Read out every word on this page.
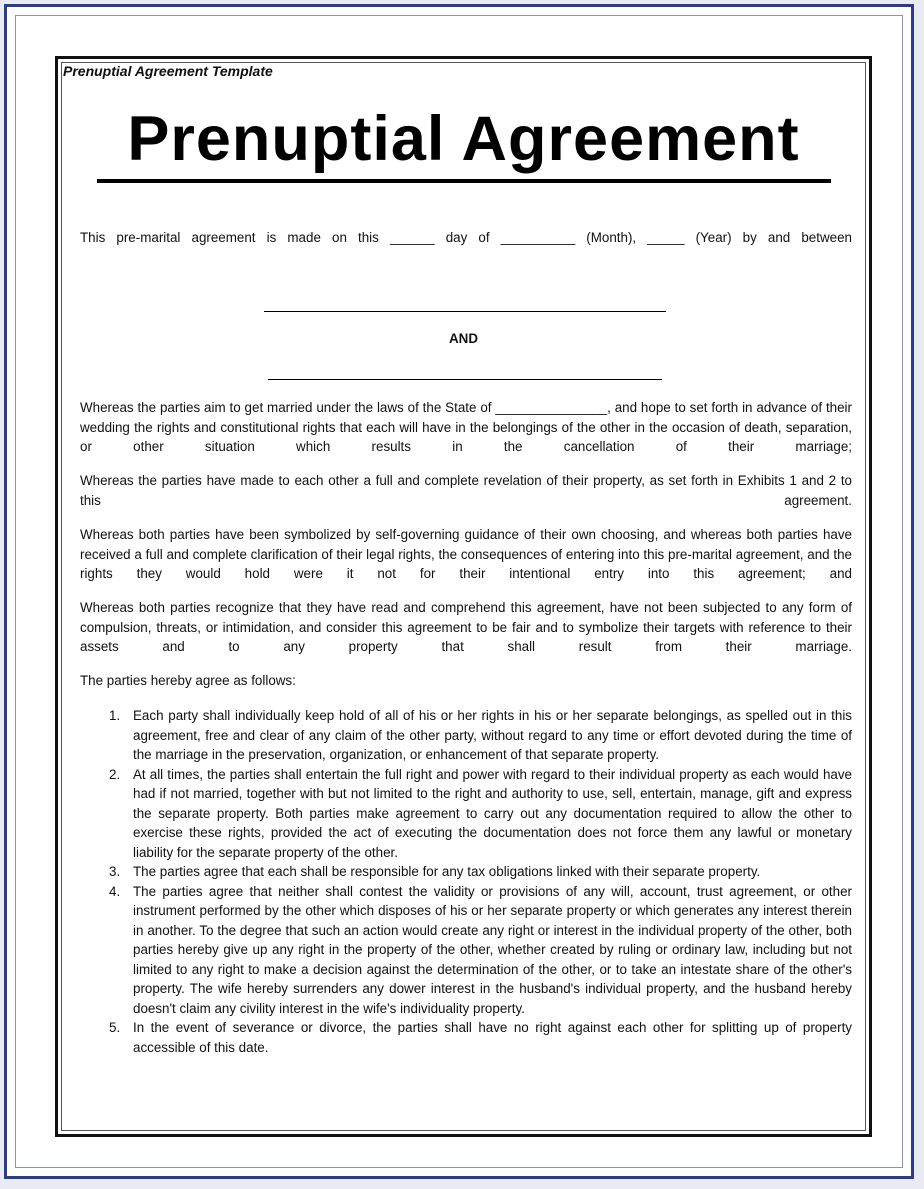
Prenuptial Agreement Template

Prenuptial Agreement

This pre-marital agreement is made on this ______ day of __________ (Month), _____ (Year) by and between

AND

Whereas the parties aim to get married under the laws of the State of _______________, and hope to set forth in advance of their wedding the rights and constitutional rights that each will have in the belongings of the other in the occasion of death, separation, or other situation which results in the cancellation of their marriage;

Whereas the parties have made to each other a full and complete revelation of their property, as set forth in Exhibits 1 and 2 to this agreement.

Whereas both parties have been symbolized by self-governing guidance of their own choosing, and whereas both parties have received a full and complete clarification of their legal rights, the consequences of entering into this pre-marital agreement, and the rights they would hold were it not for their intentional entry into this agreement; and

Whereas both parties recognize that they have read and comprehend this agreement, have not been subjected to any form of compulsion, threats, or intimidation, and consider this agreement to be fair and to symbolize their targets with reference to their assets and to any property that shall result from their marriage.

The parties hereby agree as follows:

1. Each party shall individually keep hold of all of his or her rights in his or her separate belongings, as spelled out in this agreement, free and clear of any claim of the other party, without regard to any time or effort devoted during the time of the marriage in the preservation, organization, or enhancement of that separate property.
2. At all times, the parties shall entertain the full right and power with regard to their individual property as each would have had if not married, together with but not limited to the right and authority to use, sell, entertain, manage, gift and express the separate property. Both parties make agreement to carry out any documentation required to allow the other to exercise these rights, provided the act of executing the documentation does not force them any lawful or monetary liability for the separate property of the other.
3. The parties agree that each shall be responsible for any tax obligations linked with their separate property.
4. The parties agree that neither shall contest the validity or provisions of any will, account, trust agreement, or other instrument performed by the other which disposes of his or her separate property or which generates any interest therein in another. To the degree that such an action would create any right or interest in the individual property of the other, both parties hereby give up any right in the property of the other, whether created by ruling or ordinary law, including but not limited to any right to make a decision against the determination of the other, or to take an intestate share of the other's property. The wife hereby surrenders any dower interest in the husband's individual property, and the husband hereby doesn't claim any civility interest in the wife's individuality property.
5. In the event of severance or divorce, the parties shall have no right against each other for splitting up of property accessible of this date.
